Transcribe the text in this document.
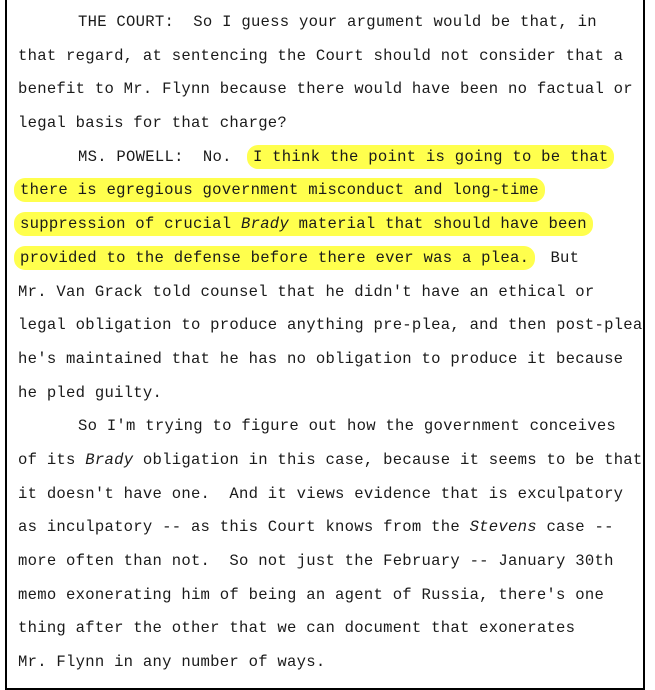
THE COURT: So I guess your argument would be that, in
that regard, at sentencing the Court should not consider that a
benefit to Mr. Flynn because there would have been no factual or
legal basis for that charge?
MS. POWELL: No. I think the point is going to be that
there is egregious government misconduct and long-time
suppression of crucial Brady material that should have been
provided to the defense before there ever was a plea. But
Mr. Van Grack told counsel that he didn't have an ethical or
legal obligation to produce anything pre-plea, and then post-plea
he's maintained that he has no obligation to produce it because
he pled guilty.
So I'm trying to figure out how the government conceives
of its Brady obligation in this case, because it seems to be that
it doesn't have one.  And it views evidence that is exculpatory
as inculpatory -- as this Court knows from the Stevens case --
more often than not.  So not just the February -- January 30th
memo exonerating him of being an agent of Russia, there's one
thing after the other that we can document that exonerates
Mr. Flynn in any number of ways.
